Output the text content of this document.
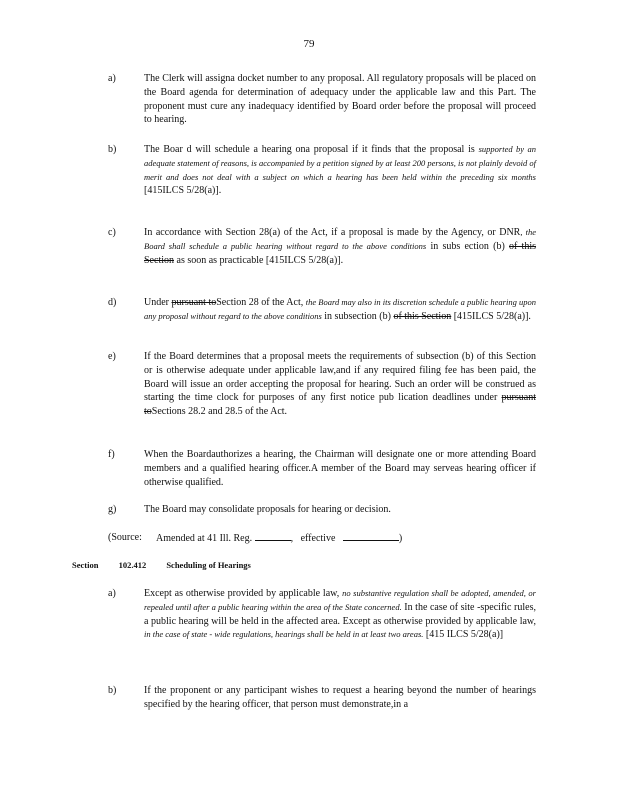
79
a)	The Clerk will assigna docket number to any proposal. All regulatory proposals will be placed on the Board agenda for determination of adequacy under the applicable law and this Part. The proponent must cure any inadequacy identified by Board order before the proposal will proceed to hearing.
b)	The Boar d will schedule a hearing ona proposal if it finds that the proposal is supported by an adequate statement of reasons, is accompanied by a petition signed by at least 200 persons, is not plainly devoid of merit and does not deal with a subject on which a hearing has been held within the preceding six months [415ILCS 5/28(a)].
c)	In accordance with Section 28(a) of the Act, if a proposal is made by the Agency, or DNR, the Board shall schedule a public hearing without regard to the above conditions in subs ection (b) of this Section as soon as practicable [415ILCS 5/28(a)].
d)	Under pursuant toSection 28 of the Act, the Board may also in its discretion schedule a public hearing upon any proposal without regard to the above conditions in subsection (b) of this Section [415ILCS 5/28(a)].
e)	If the Board determines that a proposal meets the requirements of subsection (b) of this Section or is otherwise adequate under applicable law,and if any required filing fee has been paid, the Board will issue an order accepting the proposal for hearing. Such an order will be construed as starting the time clock for purposes of any first notice pub lication deadlines under pursuant toSections 28.2 and 28.5 of the Act.
f)	When the Boardauthorizes a hearing, the Chairman will designate one or more attending Board members and a qualified hearing officer.A member of the Board may serveas hearing officer if otherwise qualified.
g)	The Board may consolidate proposals for hearing or decision.
(Source: Amended at 41 Ill. Reg.	, effective	)
Section 102.412 Scheduling of Hearings
a)	Except as otherwise provided by applicable law, no substantive regulation shall be adopted, amended, or repealed until after a public hearing within the area of the State concerned. In the case of site -specific rules, a public hearing will be held in the affected area. Except as otherwise provided by applicable law, in the case of state - wide regulations, hearings shall be held in at least two areas. [415 ILCS 5/28(a)]
b)	If the proponent or any participant wishes to request a hearing beyond the number of hearings specified by the hearing officer, that person must demonstrate,in a
